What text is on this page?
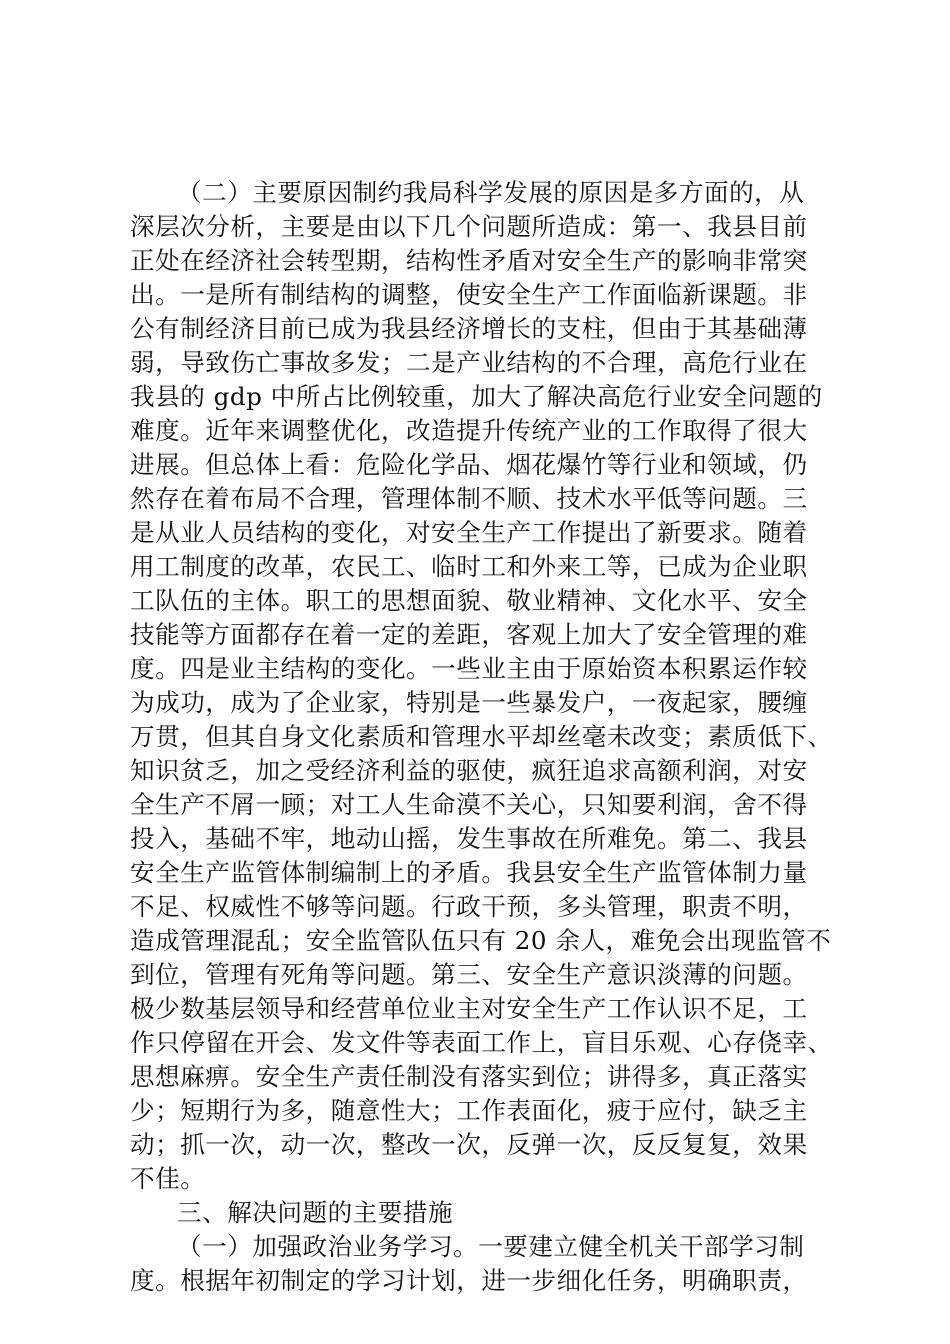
（二）主要原因制约我局科学发展的原因是多方面的，从
深层次分析，主要是由以下几个问题所造成：第一、我县目前
正处在经济社会转型期，结构性矛盾对安全生产的影响非常突
出。一是所有制结构的调整，使安全生产工作面临新课题。非
公有制经济目前已成为我县经济增长的支柱，但由于其基础薄
弱，导致伤亡事故多发；二是产业结构的不合理，高危行业在
我县的 gdp 中所占比例较重，加大了解决高危行业安全问题的
难度。近年来调整优化，改造提升传统产业的工作取得了很大
进展。但总体上看：危险化学品、烟花爆竹等行业和领域，仍
然存在着布局不合理，管理体制不顺、技术水平低等问题。三
是从业人员结构的变化，对安全生产工作提出了新要求。随着
用工制度的改革，农民工、临时工和外来工等，已成为企业职
工队伍的主体。职工的思想面貌、敬业精神、文化水平、安全
技能等方面都存在着一定的差距，客观上加大了安全管理的难
度。四是业主结构的变化。一些业主由于原始资本积累运作较
为成功，成为了企业家，特别是一些暴发户，一夜起家，腰缠
万贯，但其自身文化素质和管理水平却丝毫未改变；素质低下、
知识贫乏，加之受经济利益的驱使，疯狂追求高额利润，对安
全生产不屑一顾；对工人生命漠不关心，只知要利润，舍不得
投入，基础不牢，地动山摇，发生事故在所难免。第二、我县
安全生产监管体制编制上的矛盾。我县安全生产监管体制力量
不足、权威性不够等问题。行政干预，多头管理，职责不明，
造成管理混乱；安全监管队伍只有 20 余人，难免会出现监管不
到位，管理有死角等问题。第三、安全生产意识淡薄的问题。
极少数基层领导和经营单位业主对安全生产工作认识不足，工
作只停留在开会、发文件等表面工作上，盲目乐观、心存侥幸、
思想麻痹。安全生产责任制没有落实到位；讲得多，真正落实
少；短期行为多，随意性大；工作表面化，疲于应付，缺乏主
动；抓一次，动一次，整改一次，反弹一次，反反复复，效果
不佳。
三、解决问题的主要措施
（一）加强政治业务学习。一要建立健全机关干部学习制
度。根据年初制定的学习计划，进一步细化任务，明确职责，
